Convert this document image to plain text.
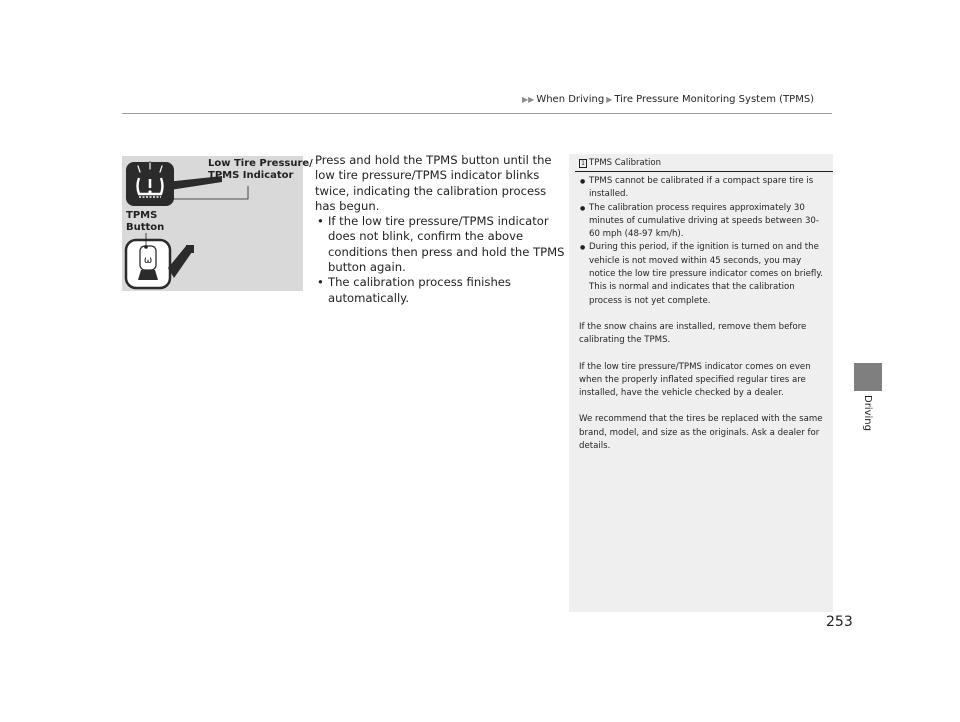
▶▶ When Driving ▶ Tire Pressure Monitoring System (TPMS)
ω
Low Tire Pressure/
TPMS Indicator
TPMS
Button

Press and hold the TPMS button until the low tire pressure/TPMS indicator blinks twice, indicating the calibration process has begun.

• If the low tire pressure/TPMS indicator does not blink, confirm the above conditions then press and hold the TPMS button again.
• The calibration process finishes automatically.
1 TPMS Calibration
● TPMS cannot be calibrated if a compact spare tire is installed.
● The calibration process requires approximately 30 minutes of cumulative driving at speeds between 30-60 mph (48-97 km/h).
● During this period, if the ignition is turned on and the vehicle is not moved within 45 seconds, you may notice the low tire pressure indicator comes on briefly. This is normal and indicates that the calibration process is not yet complete.

If the snow chains are installed, remove them before calibrating the TPMS.

If the low tire pressure/TPMS indicator comes on even when the properly inflated specified regular tires are installed, have the vehicle checked by a dealer.

We recommend that the tires be replaced with the same brand, model, and size as the originals. Ask a dealer for details.

Driving
253
